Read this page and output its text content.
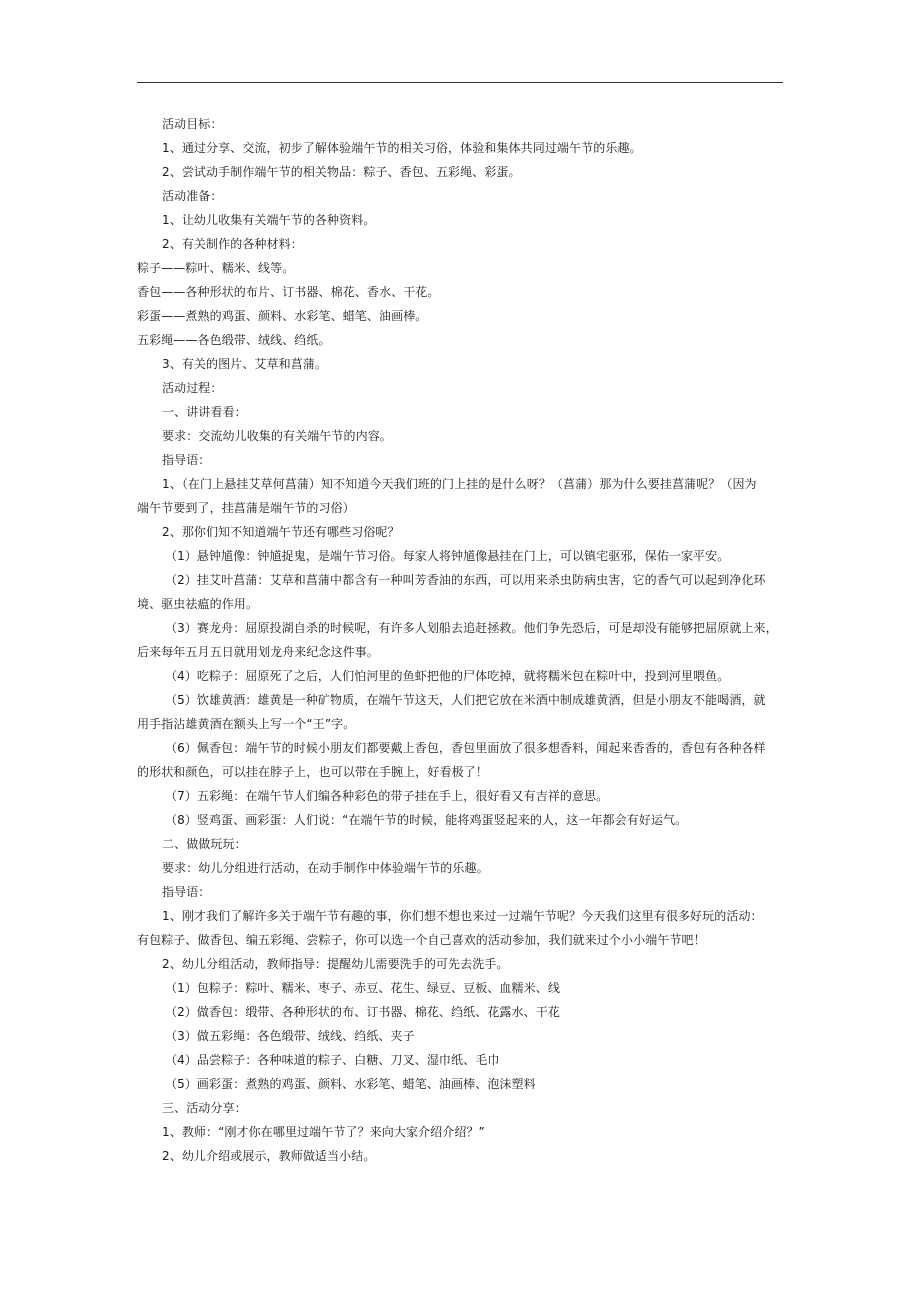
活动目标：
1、通过分享、交流，初步了解体验端午节的相关习俗，体验和集体共同过端午节的乐趣。
2、尝试动手制作端午节的相关物品：粽子、香包、五彩绳、彩蛋。
活动准备：
1、让幼儿收集有关端午节的各种资料。
2、有关制作的各种材料：
粽子——粽叶、糯米、线等。
香包——各种形状的布片、订书器、棉花、香水、干花。
彩蛋——煮熟的鸡蛋、颜料、水彩笔、蜡笔、油画棒。
五彩绳——各色缎带、绒线、绉纸。
3、有关的图片、艾草和菖蒲。
活动过程：
一、讲讲看看：
要求：交流幼儿收集的有关端午节的内容。
指导语：
1、（在门上悬挂艾草何菖蒲）知不知道今天我们班的门上挂的是什么呀？（菖蒲）那为什么要挂菖蒲呢？（因为
端午节要到了，挂菖蒲是端午节的习俗）
2、那你们知不知道端午节还有哪些习俗呢？
（1）悬钟馗像：钟馗捉鬼，是端午节习俗。每家人将钟馗像悬挂在门上，可以镇宅驱邪，保佑一家平安。
（2）挂艾叶菖蒲：艾草和菖蒲中都含有一种叫芳香油的东西，可以用来杀虫防病虫害，它的香气可以起到净化环
境、驱虫祛瘟的作用。
（3）赛龙舟：屈原投湖自杀的时候呢，有许多人划船去追赶拯救。他们争先恐后，可是却没有能够把屈原就上来，
后来每年五月五日就用划龙舟来纪念这件事。
（4）吃粽子：屈原死了之后，人们怕河里的鱼虾把他的尸体吃掉，就将糯米包在粽叶中，投到河里喂鱼。
（5）饮雄黄酒：雄黄是一种矿物质，在端午节这天，人们把它放在米酒中制成雄黄酒，但是小朋友不能喝酒，就
用手指沾雄黄酒在额头上写一个“王”字。
（6）佩香包：端午节的时候小朋友们都要戴上香包，香包里面放了很多想香料，闻起来香香的，香包有各种各样
的形状和颜色，可以挂在脖子上，也可以带在手腕上，好看极了！
（7）五彩绳：在端午节人们编各种彩色的带子挂在手上，很好看又有吉祥的意思。
（8）竖鸡蛋、画彩蛋：人们说：“在端午节的时候，能将鸡蛋竖起来的人，这一年都会有好运气。
二、做做玩玩：
要求：幼儿分组进行活动，在动手制作中体验端午节的乐趣。
指导语：
1、刚才我们了解许多关于端午节有趣的事，你们想不想也来过一过端午节呢？今天我们这里有很多好玩的活动：
有包粽子、做香包、编五彩绳、尝粽子，你可以选一个自己喜欢的活动参加，我们就来过个小小端午节吧！
2、幼儿分组活动，教师指导：提醒幼儿需要洗手的可先去洗手。
（1）包粽子：粽叶、糯米、枣子、赤豆、花生、绿豆、豆板、血糯米、线
（2）做香包：缎带、各种形状的布、订书器、棉花、绉纸、花露水、干花
（3）做五彩绳：各色缎带、绒线、绉纸、夹子
（4）品尝粽子：各种味道的粽子、白糖、刀叉、湿巾纸、毛巾
（5）画彩蛋：煮熟的鸡蛋、颜料、水彩笔、蜡笔、油画棒、泡沫塑料
三、活动分享：
1、教师：“刚才你在哪里过端午节了？来向大家介绍介绍？”
2、幼儿介绍或展示，教师做适当小结。
